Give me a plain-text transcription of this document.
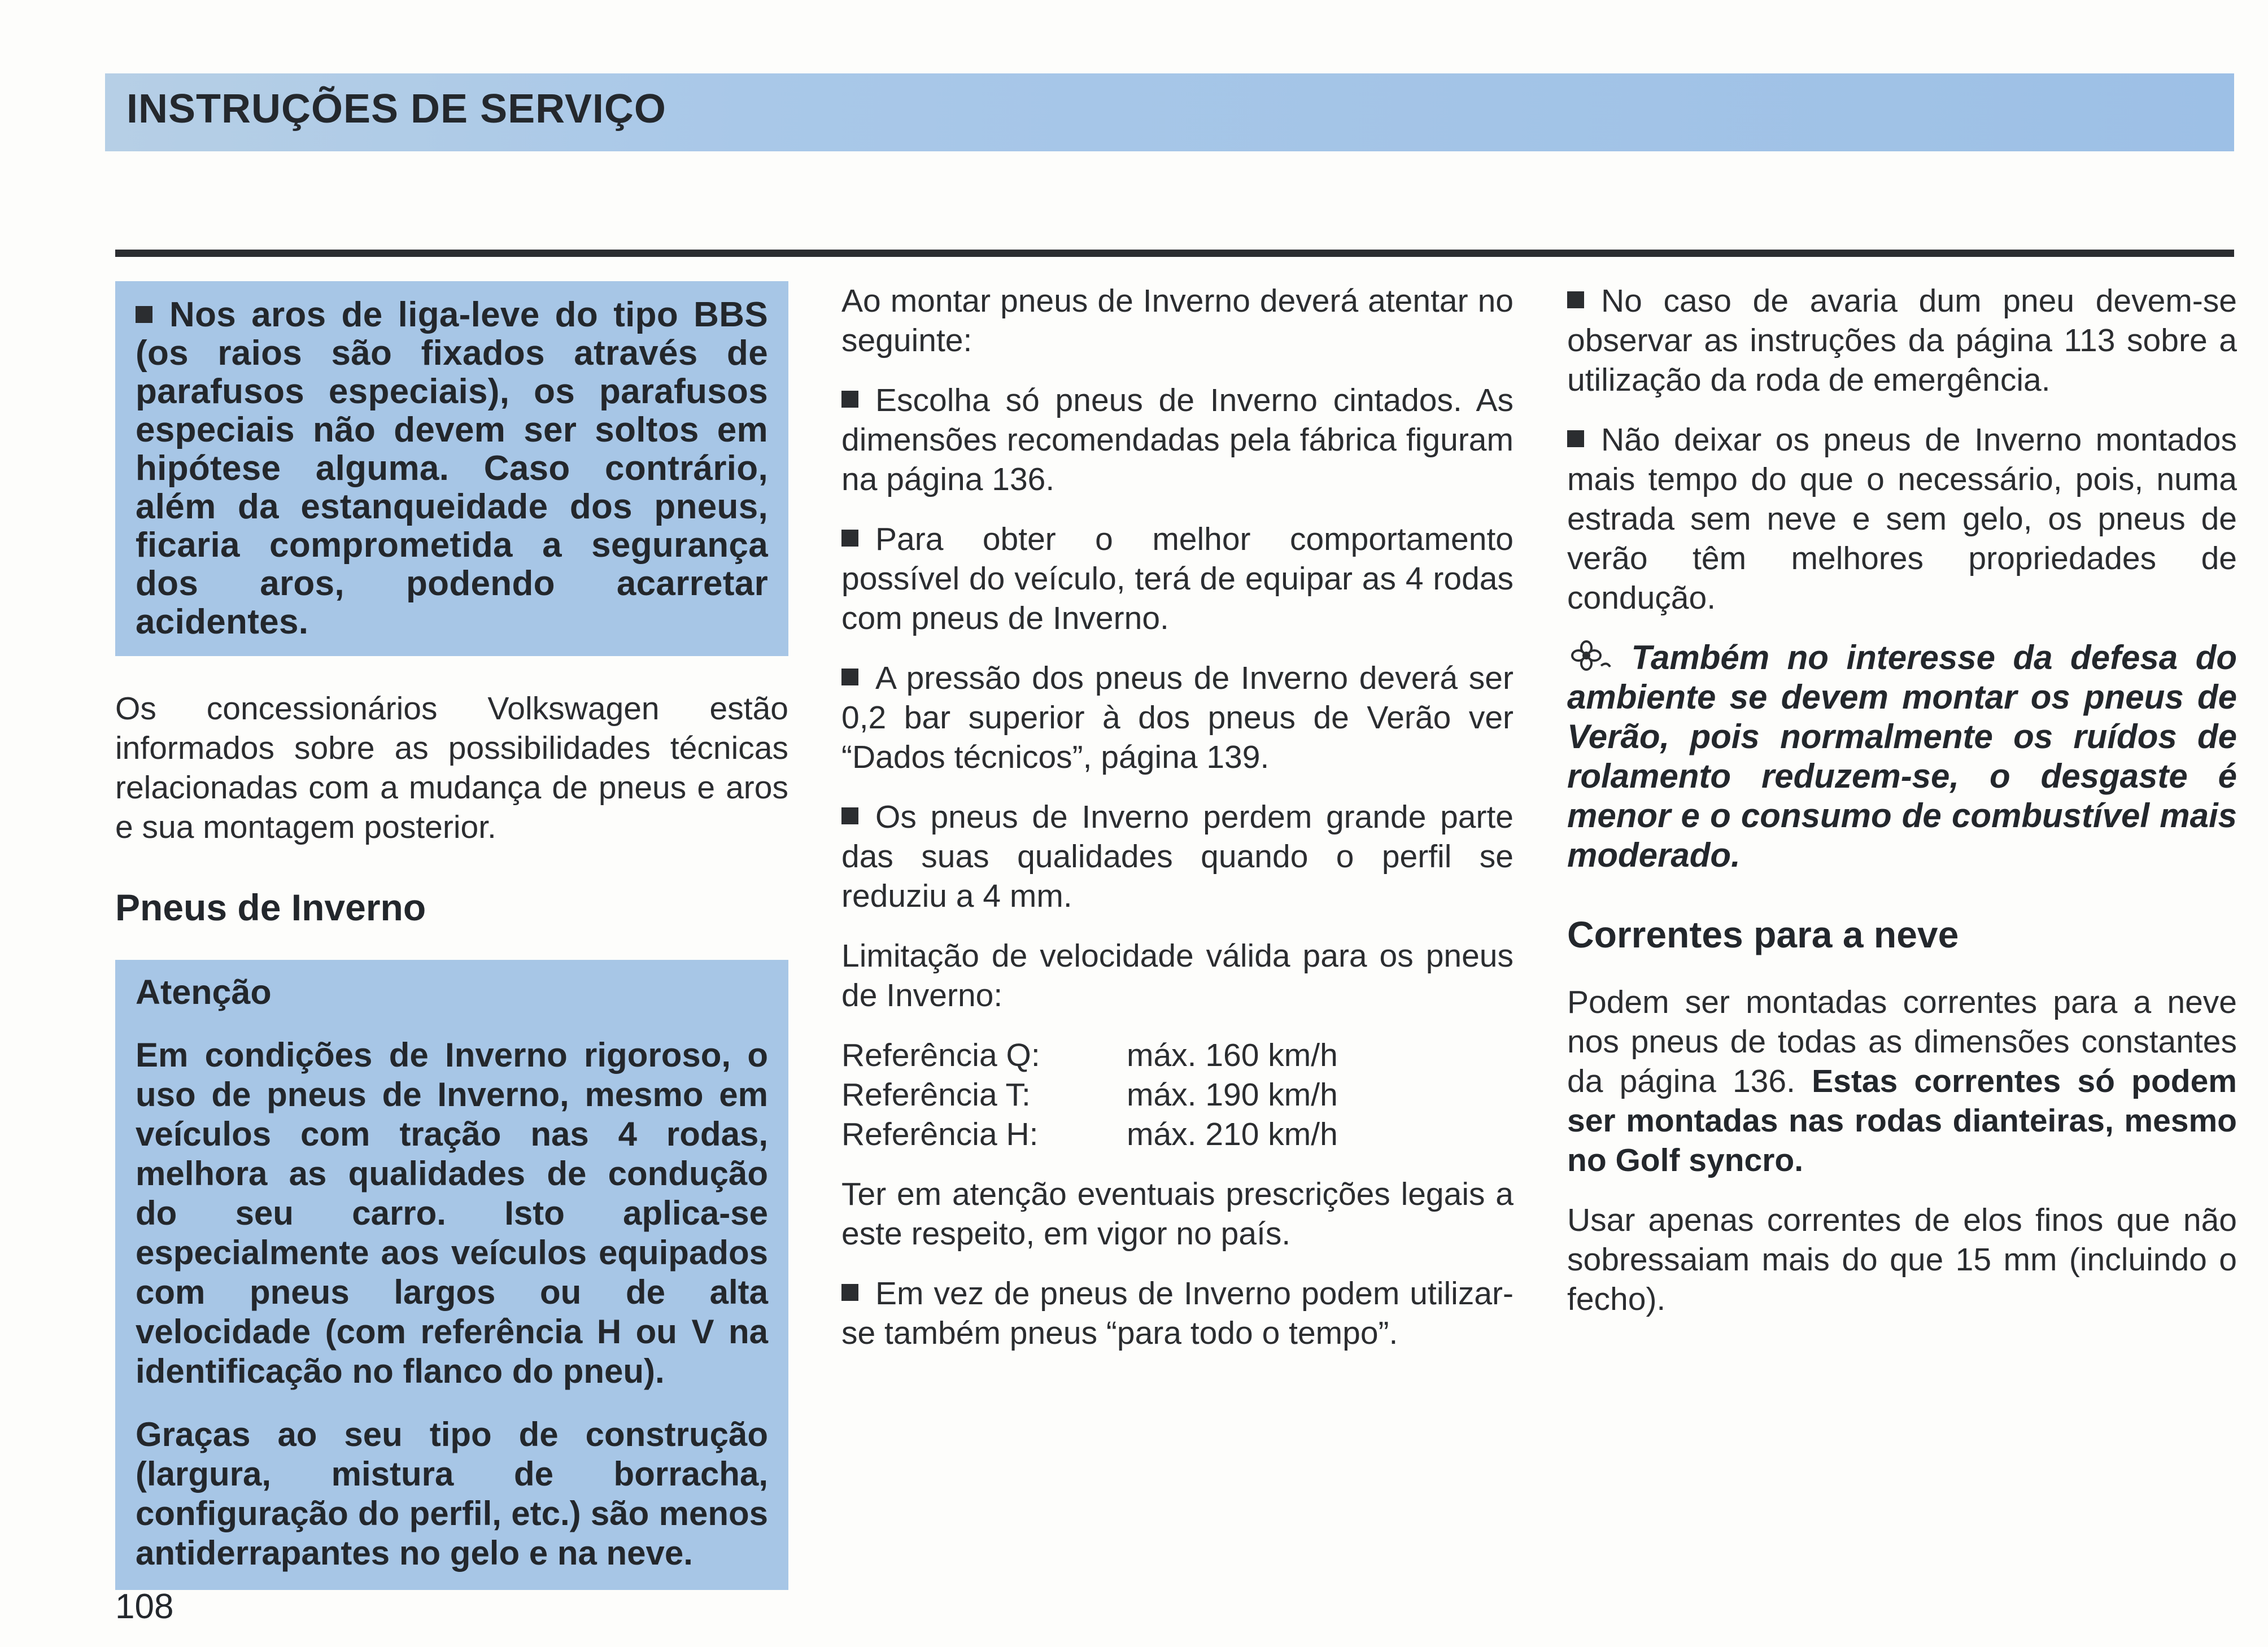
INSTRUÇÕES DE SERVIÇO

Nos aros de liga-leve do tipo BBS (os raios são fixados através de parafusos especiais), os parafusos especiais não devem ser soltos em hipótese alguma. Caso contrário, além da estanqueidade dos pneus, ficaria comprometida a segurança dos aros, podendo acarretar acidentes.

Os concessionários Volkswagen estão informados sobre as possibilidades técnicas relacionadas com a mudança de pneus e aros e sua montagem posterior.

Pneus de Inverno
Atenção

Em condições de Inverno rigoroso, o uso de pneus de Inverno, mesmo em veículos com tração nas 4 rodas, melhora as qualidades de condução do seu carro. Isto aplica-se especialmente aos veículos equipados com pneus largos ou de alta velocidade (com referência H ou V na identificação no flanco do pneu).

Graças ao seu tipo de construção (largura, mistura de borracha, configuração do perfil, etc.) são menos antiderrapantes no gelo e na neve.

Ao montar pneus de Inverno deverá atentar no seguinte:

Escolha só pneus de Inverno cintados. As dimensões recomendadas pela fábrica figuram na página 136.

Para obter o melhor comportamento possível do veículo, terá de equipar as 4 rodas com pneus de Inverno.

A pressão dos pneus de Inverno deverá ser 0,2 bar superior à dos pneus de Verão ver “Dados técnicos”, página 139.

Os pneus de Inverno perdem grande parte das suas qualidades quando o perfil se reduziu a 4 mm.

Limitação de velocidade válida para os pneus de Inverno:

Referência Q:	máx. 160 km/h
Referência T:	máx. 190 km/h
Referência H:	máx. 210 km/h

Ter em atenção eventuais prescrições legais a este respeito, em vigor no país.

Em vez de pneus de Inverno podem utilizar-se também pneus “para todo o tempo”.

No caso de avaria dum pneu devem-se observar as instruções da página 113 sobre a utilização da roda de emergência.

Não deixar os pneus de Inverno montados mais tempo do que o necessário, pois, numa estrada sem neve e sem gelo, os pneus de verão têm melhores propriedades de condução.

Também no interesse da defesa do ambiente se devem montar os pneus de Verão, pois normalmente os ruídos de rolamento reduzem-se, o desgaste é menor e o consumo de combustível mais moderado.

Correntes para a neve

Podem ser montadas correntes para a neve nos pneus de todas as dimensões constantes da página 136. Estas correntes só podem ser montadas nas rodas dianteiras, mesmo no Golf syncro.

Usar apenas correntes de elos finos que não sobressaiam mais do que 15 mm (incluindo o fecho).

108
